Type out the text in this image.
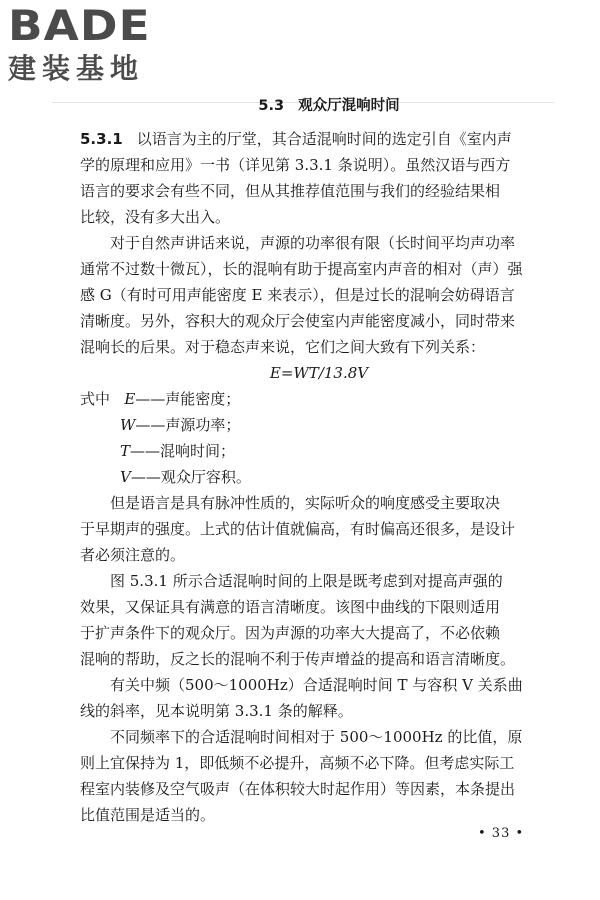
BADE
建装基地
5.3 观众厅混响时间
5.3.1 以语言为主的厅堂，其合适混响时间的选定引自《室内声
学的原理和应用》一书（详见第 3.3.1 条说明）。虽然汉语与西方
语言的要求会有些不同，但从其推荐值范围与我们的经验结果相
比较，没有多大出入。
对于自然声讲话来说，声源的功率很有限（长时间平均声功率
通常不过数十微瓦），长的混响有助于提高室内声音的相对（声）强
感 G（有时可用声能密度 E 来表示），但是过长的混响会妨碍语言
清晰度。另外，容积大的观众厅会使室内声能密度减小，同时带来
混响长的后果。对于稳态声来说，它们之间大致有下列关系：
E=WT/13.8V
式中 E——声能密度；
W——声源功率；
T——混响时间；
V——观众厅容积。
但是语言是具有脉冲性质的，实际听众的响度感受主要取决
于早期声的强度。上式的估计值就偏高，有时偏高还很多，是设计
者必须注意的。
图 5.3.1 所示合适混响时间的上限是既考虑到对提高声强的
效果，又保证具有满意的语言清晰度。该图中曲线的下限则适用
于扩声条件下的观众厅。因为声源的功率大大提高了，不必依赖
混响的帮助，反之长的混响不利于传声增益的提高和语言清晰度。
有关中频（500～1000Hz）合适混响时间 T 与容积 V 关系曲
线的斜率，见本说明第 3.3.1 条的解释。
不同频率下的合适混响时间相对于 500～1000Hz 的比值，原
则上宜保持为 1，即低频不必提升，高频不必下降。但考虑实际工
程室内装修及空气吸声（在体积较大时起作用）等因素，本条提出
比值范围是适当的。
• 33 •
